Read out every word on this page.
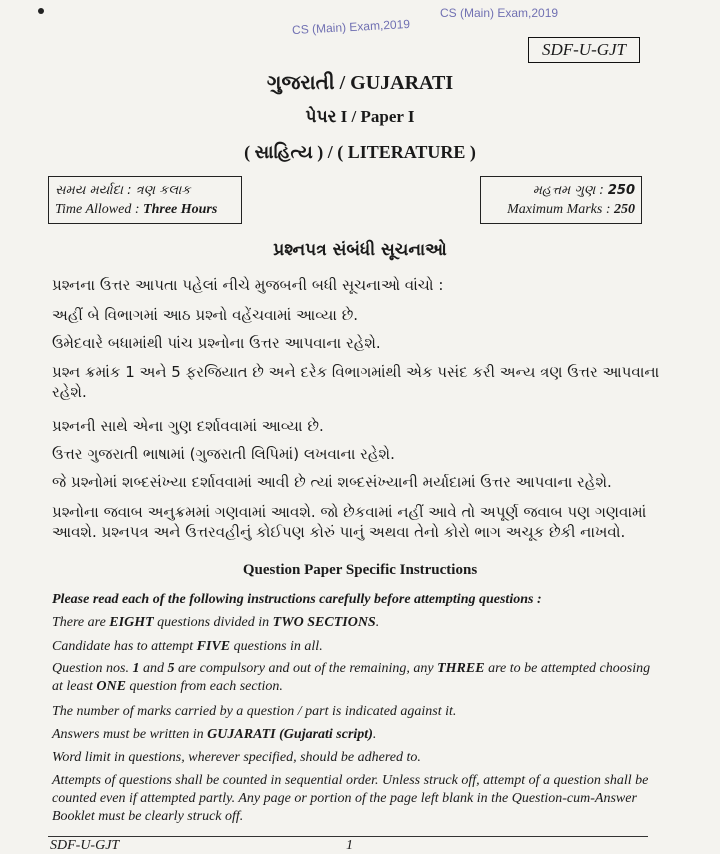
CS (Main) Exam,2019
CS (Main) Exam,2019
SDF-U-GJT
ગુજરાતી / GUJARATI
પેપર I / Paper I
( સાહિત્ય ) / ( LITERATURE )
સમય મર્યાદા : ત્રણ કલાક
Time Allowed : Three Hours
મહત્તમ ગુણ : 250
Maximum Marks : 250
પ્રશ્નપત્ર સંબંધી સૂચનાઓ
પ્રશ્નના ઉત્તર આપતા પહેલાં નીચે મુજબની બધી સૂચનાઓ વાંચો :
અહીં બે વિભાગમાં આઠ પ્રશ્નો વહેંચવામાં આવ્યા છે.
ઉમેદવારે બધામાંથી પાંચ પ્રશ્નોના ઉત્તર આપવાના રહેશે.
પ્રશ્ન ક્રમાંક 1 અને 5 ફરજિયાત છે અને દરેક વિભાગમાંથી એક પસંદ કરી અન્ય ત્રણ ઉત્તર આપવાના રહેશે.
પ્રશ્નની સાથે એના ગુણ દર્શાવવામાં આવ્યા છે.
ઉત્તર ગુજરાતી ભાષામાં (ગુજરાતી લિપિમાં) લખવાના રહેશે.
જે પ્રશ્નોમાં શબ્દસંખ્યા દર્શાવવામાં આવી છે ત્યાં શબ્દસંખ્યાની મર્યાદામાં ઉત્તર આપવાના રહેશે.
પ્રશ્નોના જવાબ અનુક્રમમાં ગણવામાં આવશે. જો છેકવામાં નહીં આવે તો અપૂર્ણ જવાબ પણ ગણવામાં આવશે. પ્રશ્નપત્ર અને ઉત્તરવહીનું કોઈપણ કોરું પાનું અથવા તેનો કોરો ભાગ અચૂક છેકી નાખવો.
Question Paper Specific Instructions
Please read each of the following instructions carefully before attempting questions :
There are EIGHT questions divided in TWO SECTIONS.
Candidate has to attempt FIVE questions in all.
Question nos. 1 and 5 are compulsory and out of the remaining, any THREE are to be attempted choosing at least ONE question from each section.
The number of marks carried by a question / part is indicated against it.
Answers must be written in GUJARATI (Gujarati script).
Word limit in questions, wherever specified, should be adhered to.
Attempts of questions shall be counted in sequential order. Unless struck off, attempt of a question shall be counted even if attempted partly. Any page or portion of the page left blank in the Question-cum-Answer Booklet must be clearly struck off.
SDF-U-GJT	1
